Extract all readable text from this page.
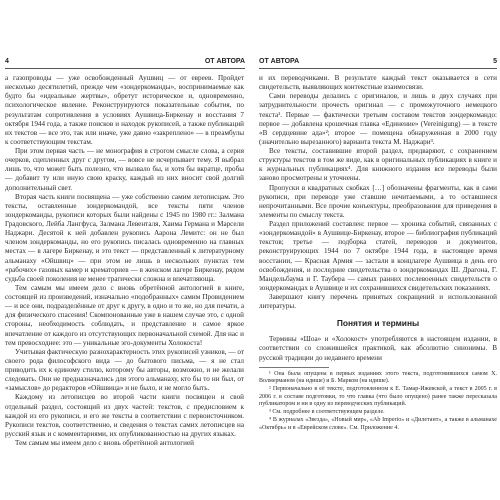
4	ОТ АВТОРА

а газопроводы — уже освобожденный Аушвиц — от евреев. Пройдет несколько десятилетий, прежде чем «зондеркоманды», воспринимаемые как будто бы «идеальные жертвы», обретут историческое и, одновременно, психологическое явление. Реконструируются показательные события, по результатам сопротивления в условиях Аушвица-Биркенау и восстания 7 октября 1944 года, а также поисков и находок рукописей, а также публикаций их текстов — все это, так или иначе, уже давно «закреплено» — в преамбулы к соответствующим текстам.

При этом первая часть — не монография в строгом смысле слова, а серия очерков, сцепленных друг с другом, — вовсе не исчерпывает тему. Я выбрал лишь то, что может быть полезно, что вызвало бы, и хотя бы вкратце, пробы — добавит ту или иную свою краску, каждый из них вносит свой долгий дополнительный свет.

Вторая часть книги посвящена — уже собственно самим летописцам. Это тексты, оставленные зондеркомандой, все тексты пяти членов зондеркоманды, рукописи которых были найдены с 1945 по 1980 гг.: Залмана Градовского, Лейба Лангфуса, Залмана Левенталя, Хаима Германа и Марсели Наджари. Десятой к ней добавлен рукопись Аарона Лемитс: он не был членом зондеркоманды, но его рукопись писалась одновременно на главных местах — в лагере Биркенау, и это текст — представленный к литературному альманаху «Ойшвиц» — при этом не лишь в нескольких пунктах тем «рабочих» газовых камер и крематориев — в женском лагере Биркенау, рядом судьба своей поколения не менее трагически сложна и впечатляюща.

Тем самым мы имеем дело с вновь обретённой антологией в книге, состоящей из произведений, изначально «подобранных» самим Провидением — и все они, подразделённые от друг к другу, в одно и то же, но для печати, а для физического спасения! Скомпонованные уже в нашем случае это, с одной стороны, необходимость соблюдать, и представление и самое яркое впечатление от каждого из отсутствующих первоначальной схемой. Для нас и тем превосходнее: это — уникальные эго-документы Холокоста!

Учитывая фактическую разнохарактерность этих рукописей узников, — от своего рода философского вида — до бытового письма, — я не стал приводить их к единому стилю, которому бы авторы, возможно, и не желали следовать. Они не предназначались для этого альманаху, кто бы то ни был, от «замыслов» до редакторов «Ойшвица» и не было, и не могло быть.

Каждому из летописцев во второй части книги посвящен и свой отдельный раздел, состоящий из двух частей: текстов, с предисловием к каждой из его рукописи, и его же тексты в соответствии с первоисточником. Рукописи текстов, соответственно, и сведения о текстах самих летописцев на русский язык и с комментариями, их опубликованностью на других языках.

Тем самым мы имеем дело с вновь обретённой антологией

ОТ АВТОРА	5

и их переводчиками. В результате каждый текст оказывается в сети свидетельств, выявляющих контекстные взаимосвязи.

Сами переводы делались с оригиналов, и лишь в двух случаях при затруднительности прочесть оригинал — с промежуточного немецкого текста¹. Первые — фактически третьим составом текстов зондеркомандо: первое — добавлена крошечная главка «Единение» (Vereinigung) — в тексте «В сердцевине ада»²; второе — помещена обнаруженная в 2000 году (значительно вырезанного) варианта текста М. Наджари³.

Все тексты, составившие второй раздел, предваряют, с сохранением структуры текстов в том же виде, как в оригинальных публикациях в книге и к журнальных публикациях⁴. Для книжного издания все переводы были заново просмотрены и уточнены.

Пропуски в квадратных скобках […] обозначены фрагменты, как в сами рукописи, при переводе уже ставшие нечитаемыми, а то оставшиеся непрочитанными. Все прочие конъектуры, преобразования для приведения в элементы по смыслу текста.

Раздел приложений составлен: первое — хроника событий, связанных с «зондеркомандой» в Аушвице-Биркенау, второе — библиография публикаций текстов; третье — подборка статей, переводов и документов, реконструирующих 1944 по 7 октябре 1944 года, в настоящее время восстании, — Красная Армия — застали в концлагере Аушвица в день его освобождения, и последние свидетельства о зондеркомандах Ш. Драгона, Г. Мандельбаума и Г. Таубера — самых ранних послевоенных свидетельств о зондеркомандах в Аушвице и их сохранившихся свидетельских показаниях.

Завершают книгу перечень принятых сокращений и использованной литературы.

Понятия и термины

Термины «Шоа» и «Холокост» употребляются в настоящем издании, в соответствии со сложившейся практикой, как абсолютно синонимы. В русской традиции до недавнего времени

¹ Она была опущена в первых изданиях этого текста, подготовившихся самом Х. Волмерманом (на идише) и Б. Марком (на идише).

² Первоначально в её тексте, подготовленном к Е. Тамар-Ижевской, а текст в 2005 г. в 2006 г. в составе подготовки, то что главка (что было опущено) ранее также пересказала публикатором и ни в одну из переводческих публикаций.

³ См. подробнее в соответствующем разделе.

⁴ В журналах «Звезда», «Новый мир», «Ab Imperio» и «Дилетант», а также в альманахе «Октябрь» и в «Еврейском слове». См. Приложение 4.
